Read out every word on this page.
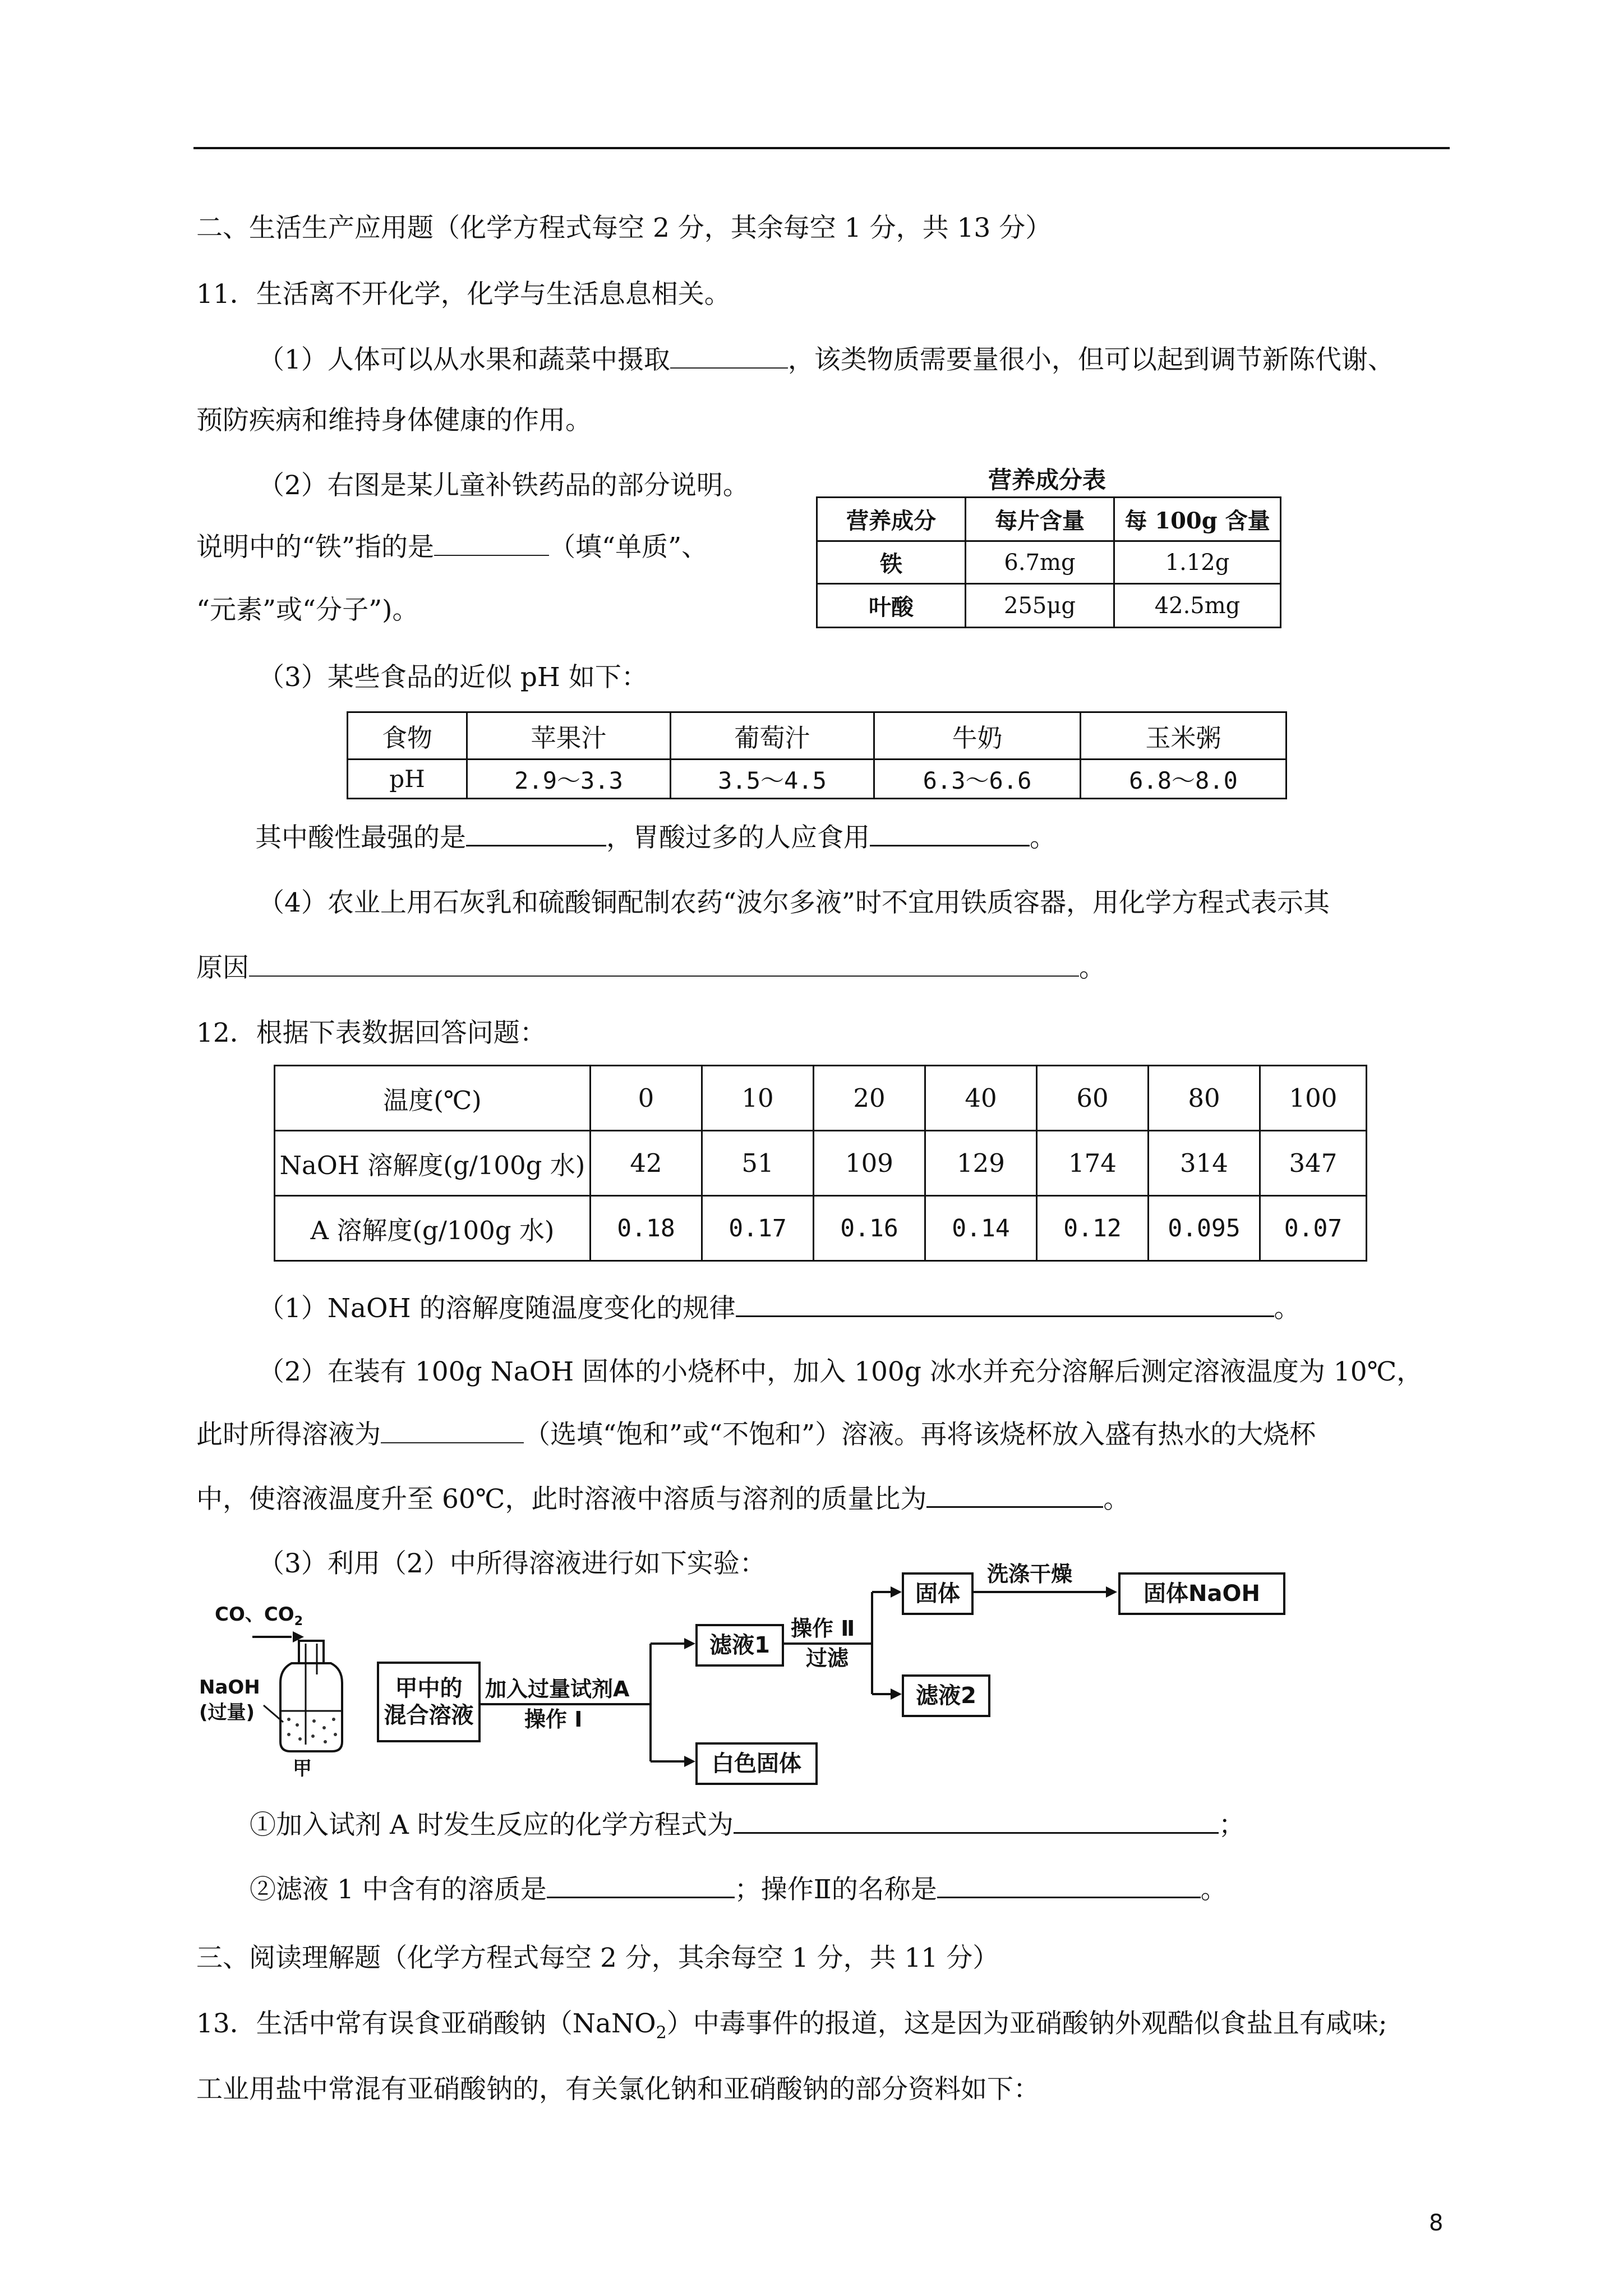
二、生活生产应用题（化学方程式每空 2 分，其余每空 1 分，共 13 分）
11．生活离不开化学，化学与生活息息相关。
（1）人体可以从水果和蔬菜中摄取	，该类物质需要量很小，但可以起到调节新陈代谢、
预防疾病和维持身体健康的作用。
（2）右图是某儿童补铁药品的部分说明。
说明中的“铁”指的是	（填“单质”、
“元素”或“分子”)。
营养成分表
营养成分	每片含量	每 100g 含量
铁	6.7mg	1.12g
叶酸	255μg	42.5mg
（3）某些食品的近似 pH 如下：
食物	苹果汁	葡萄汁	牛奶	玉米粥
pH	2.9～3.3	3.5～4.5	6.3～6.6	6.8～8.0
其中酸性最强的是	，胃酸过多的人应食用	。
（4）农业上用石灰乳和硫酸铜配制农药“波尔多液”时不宜用铁质容器，用化学方程式表示其
原因	。
12．根据下表数据回答问题：
温度(℃)	0	10	20	40	60	80	100
NaOH 溶解度(g/100g 水)	42	51	109	129	174	314	347
A 溶解度(g/100g 水)	0.18	0.17	0.16	0.14	0.12	0.095	0.07
（1）NaOH 的溶解度随温度变化的规律	。
（2）在装有 100g NaOH 固体的小烧杯中，加入 100g 冰水并充分溶解后测定溶液温度为 10℃，
此时所得溶液为	（选填“饱和”或“不饱和”）溶液。再将该烧杯放入盛有热水的大烧杯
中，使溶液温度升至 60℃，此时溶液中溶质与溶剂的质量比为	。
（3）利用（2）中所得溶液进行如下实验：
CO、$CO_2$
NaOH
(过量)
甲
甲中的
混合溶液
加入过量试剂A
操作 Ⅰ
滤液1
白色固体
操作 Ⅱ
过滤
固体
滤液2
洗涤干燥
固体NaOH
①加入试剂 A 时发生反应的化学方程式为	；
②滤液 1 中含有的溶质是	；操作Ⅱ的名称是	。
三、阅读理解题（化学方程式每空 2 分，其余每空 1 分，共 11 分）
13．生活中常有误食亚硝酸钠（NaNO$_2$）中毒事件的报道，这是因为亚硝酸钠外观酷似食盐且有咸味;
工业用盐中常混有亚硝酸钠的，有关氯化钠和亚硝酸钠的部分资料如下：
8
